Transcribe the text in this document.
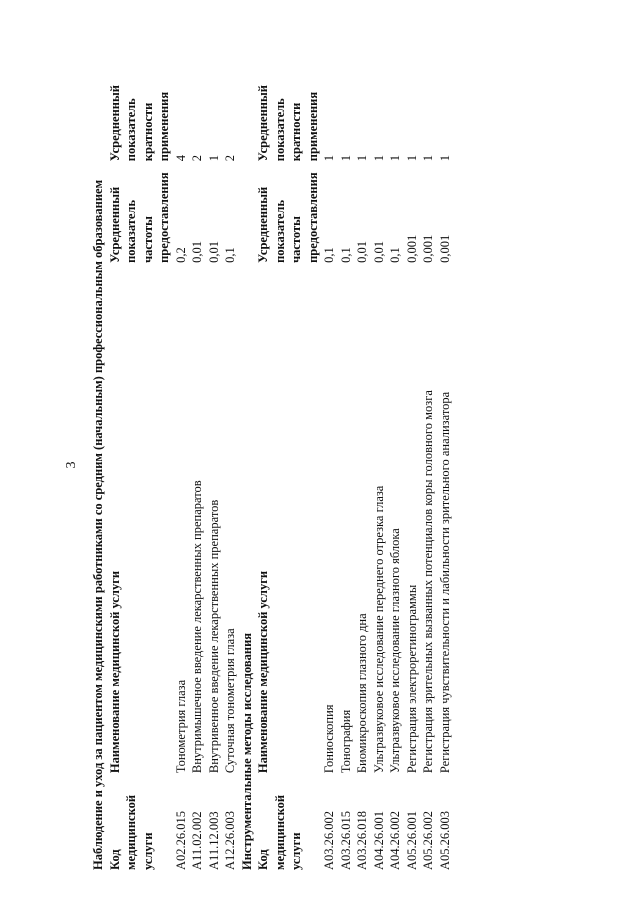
3 Наблюдение и уход за пациентом медицинскими работниками со средним (начальным) профессиональным образованием Код медицинской услуги	Наименование медицинской услуги	Усредненный показатель частоты предоставления	Усредненный показатель кратности применения
A02.26.015	Тонометрия глаза	0,2	4
A11.02.002	Внутримышечное введение лекарственных препаратов	0,01	2
A11.12.003	Внутривенное введение лекарственных препаратов	0,01	1
A12.26.003	Суточная тонометрия глаза	0,1	2

Инструментальные методы исследования Код медицинской услуги	Наименование медицинской услуги	Усредненный показатель частоты предоставления	Усредненный показатель кратности применения
A03.26.002	Гониоскопия	0,1	1
A03.26.015	Тонография	0,1	1
A03.26.018	Биомикроскопия глазного дна	0,01	1
A04.26.001	Ультразвуковое исследование переднего отрезка глаза	0,01	1
A04.26.002	Ультразвуковое исследование глазного яблока	0,1	1
A05.26.001	Регистрация электроретинограммы	0,001	1
A05.26.002	Регистрация зрительных вызванных потенциалов коры головного мозга	0,001	1
A05.26.003	Регистрация чувствительности и лабильности зрительного анализатора	0,001	1
